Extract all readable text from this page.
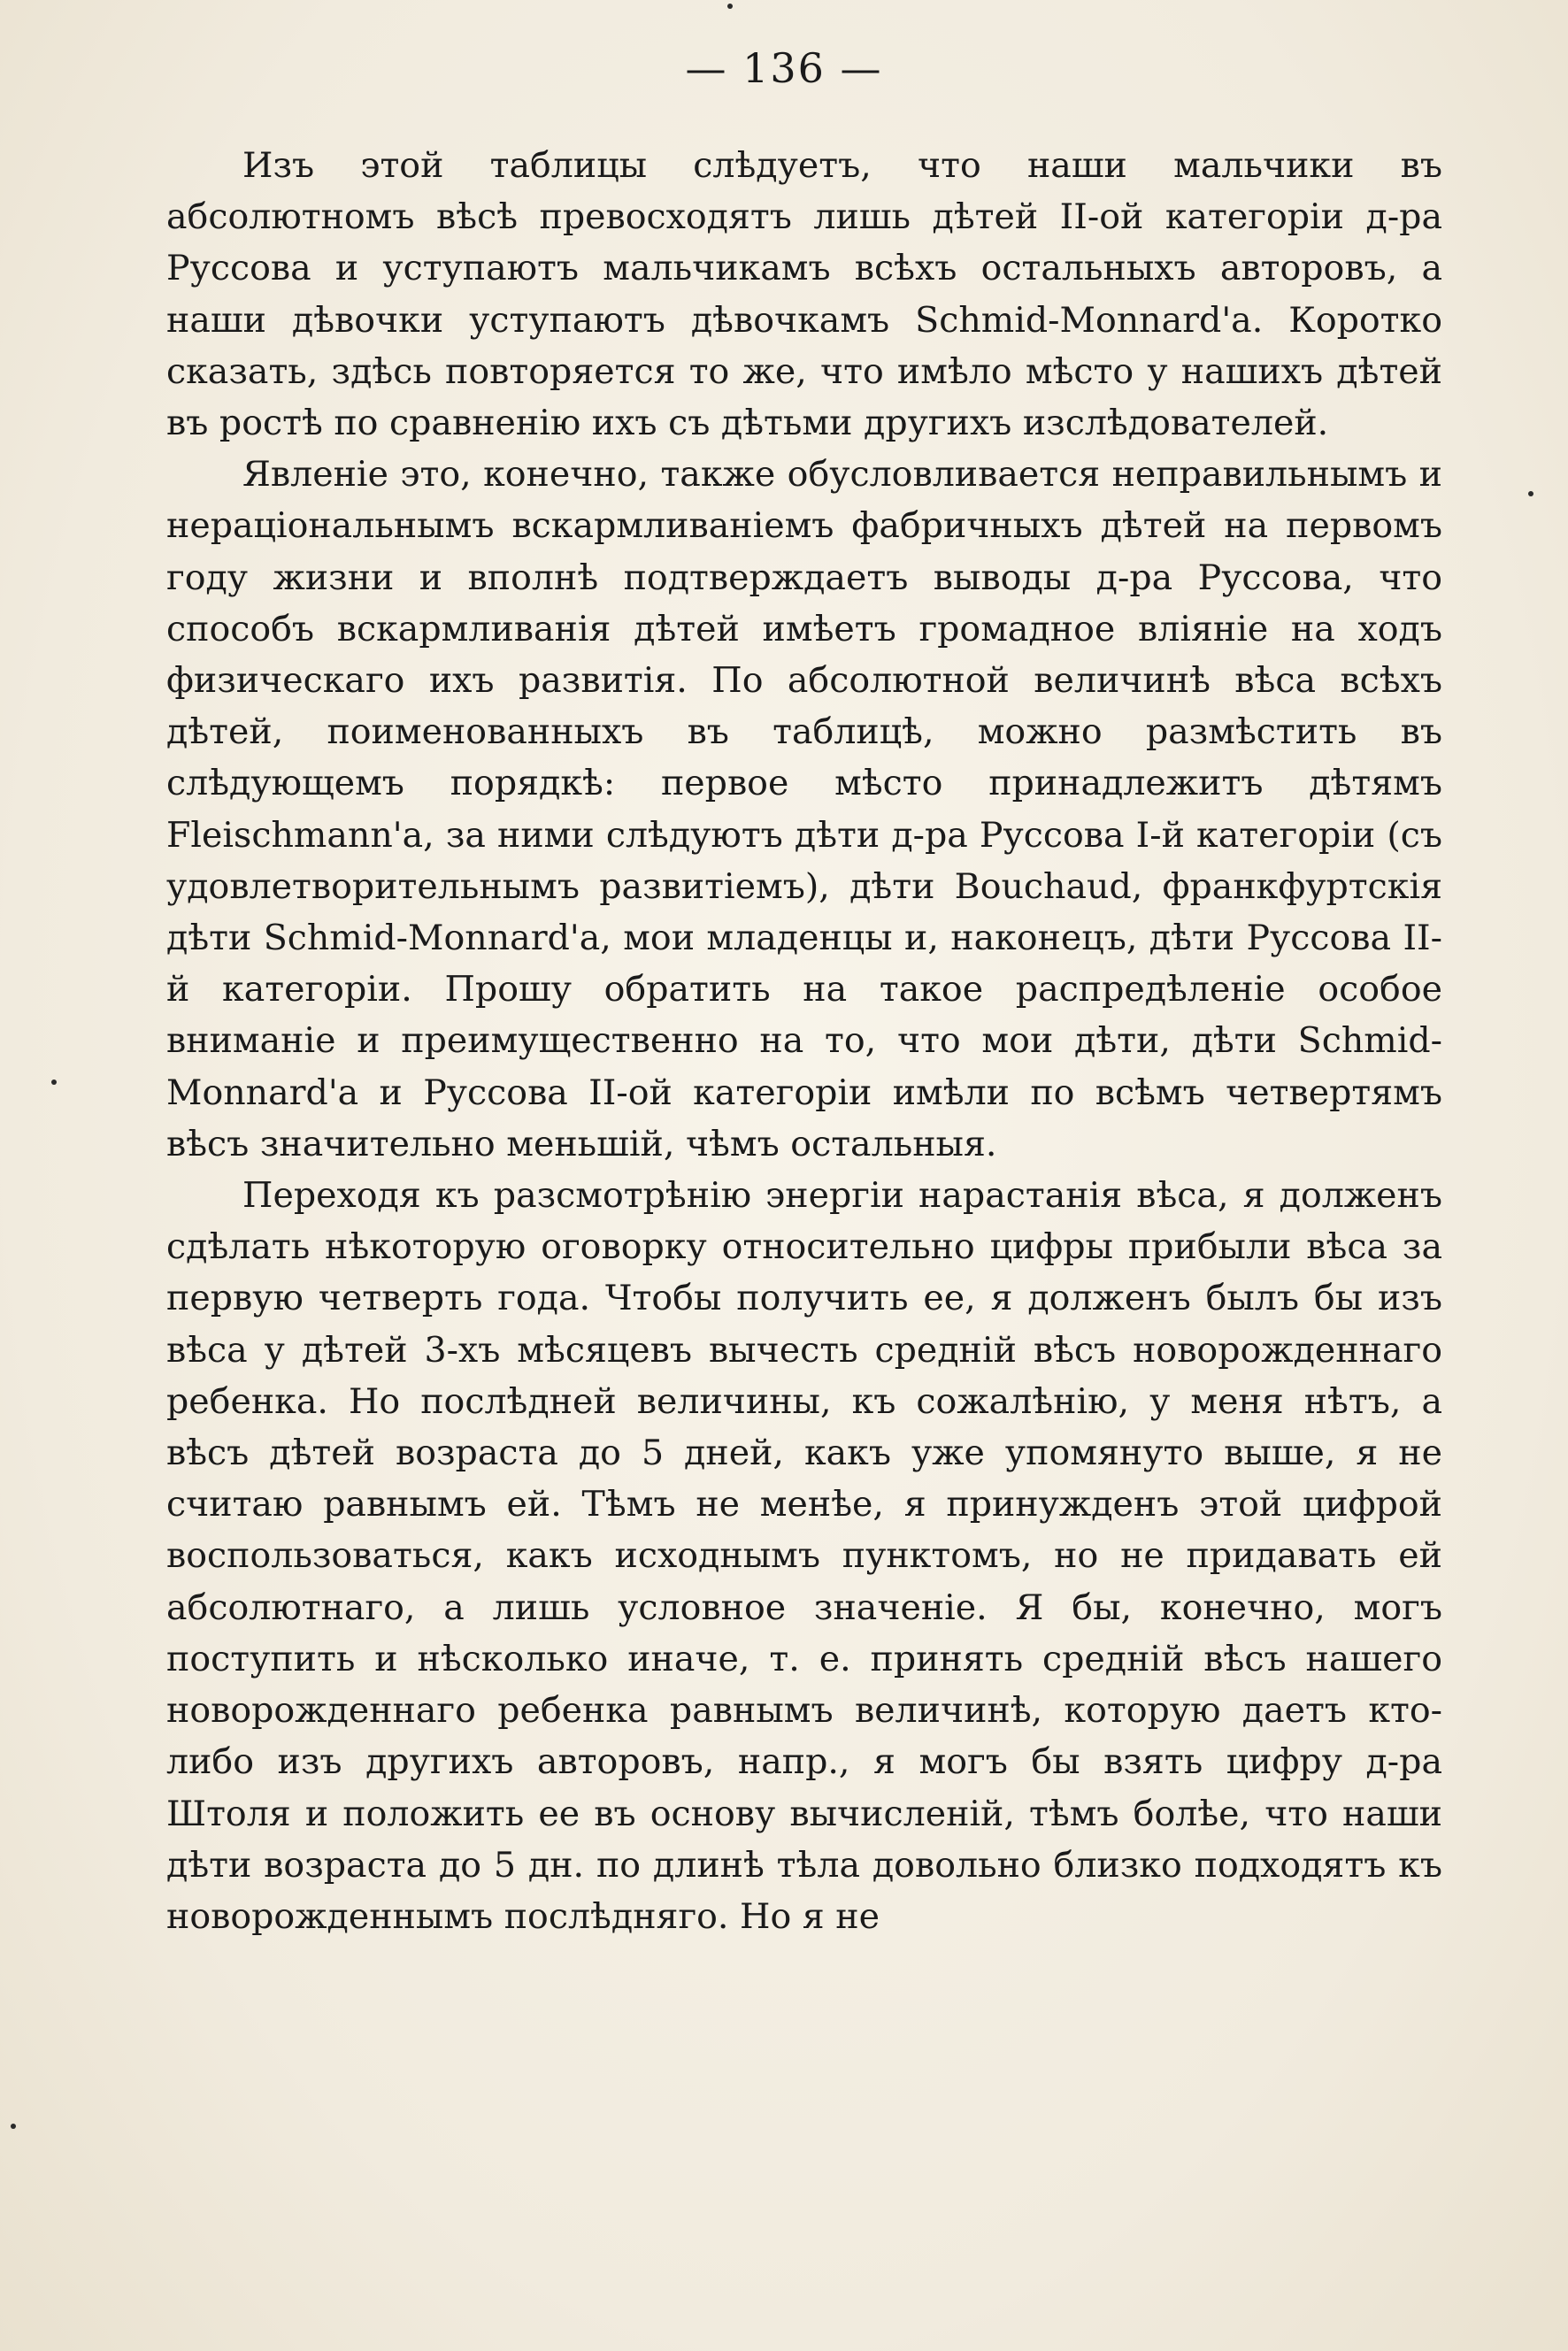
— 136 —

Изъ этой таблицы слѣдуетъ, что наши мальчики въ абсолютномъ вѣсѣ превосходятъ лишь дѣтей II-ой категоріи д-ра Руссова и уступаютъ мальчикамъ всѣхъ остальныхъ авторовъ, а наши дѣвочки уступаютъ дѣвочкамъ Schmid-Monnard'a. Коротко сказать, здѣсь повторяется то же, что имѣло мѣсто у нашихъ дѣтей въ ростѣ по сравненію ихъ съ дѣтьми другихъ изслѣдователей.

Явленіе это, конечно, также обусловливается неправильнымъ и нераціональнымъ вскармливаніемъ фабричныхъ дѣтей на первомъ году жизни и вполнѣ подтверждаетъ выводы д-ра Руссова, что способъ вскармливанія дѣтей имѣетъ громадное вліяніе на ходъ физическаго ихъ развитія. По абсолютной величинѣ вѣса всѣхъ дѣтей, поименованныхъ въ таблицѣ, можно размѣстить въ слѣдующемъ порядкѣ: первое мѣсто принадлежитъ дѣтямъ Fleischmann'a, за ними слѣдуютъ дѣти д-ра Руссова I-й категоріи (съ удовлетворительнымъ развитіемъ), дѣти Bouchaud, франкфуртскія дѣти Schmid-Monnard'a, мои младенцы и, наконецъ, дѣти Руссова II-й категоріи. Прошу обратить на такое распредѣленіе особое вниманіе и преимущественно на то, что мои дѣти, дѣти Schmid-Monnard'a и Руссова II-ой категоріи имѣли по всѣмъ четвертямъ вѣсъ значительно меньшій, чѣмъ остальныя.

Переходя къ разсмотрѣнію энергіи нарастанія вѣса, я долженъ сдѣлать нѣкоторую оговорку относительно цифры прибыли вѣса за первую четверть года. Чтобы получить ее, я долженъ былъ бы изъ вѣса у дѣтей 3-хъ мѣсяцевъ вычесть среднiй вѣсъ новорожденнаго ребенка. Но послѣдней величины, къ сожалѣнію, у меня нѣтъ, а вѣсъ дѣтей возраста до 5 дней, какъ уже упомянуто выше, я не считаю равнымъ ей. Тѣмъ не менѣе, я принужденъ этой цифрой воспользоваться, какъ исходнымъ пунктомъ, но не придавать ей абсолютнаго, а лишь условное значеніе. Я бы, конечно, могъ поступить и нѣсколько иначе, т. е. принять среднiй вѣсъ нашего новорожденнаго ребенка равнымъ величинѣ, которую даетъ кто-либо изъ другихъ авторовъ, напр., я могъ бы взять цифру д-ра Штоля и положить ее въ основу вычисленій, тѣмъ болѣе, что наши дѣти возраста до 5 дн. по длинѣ тѣла довольно близко подходятъ къ новорожденнымъ послѣдняго. Но я не
